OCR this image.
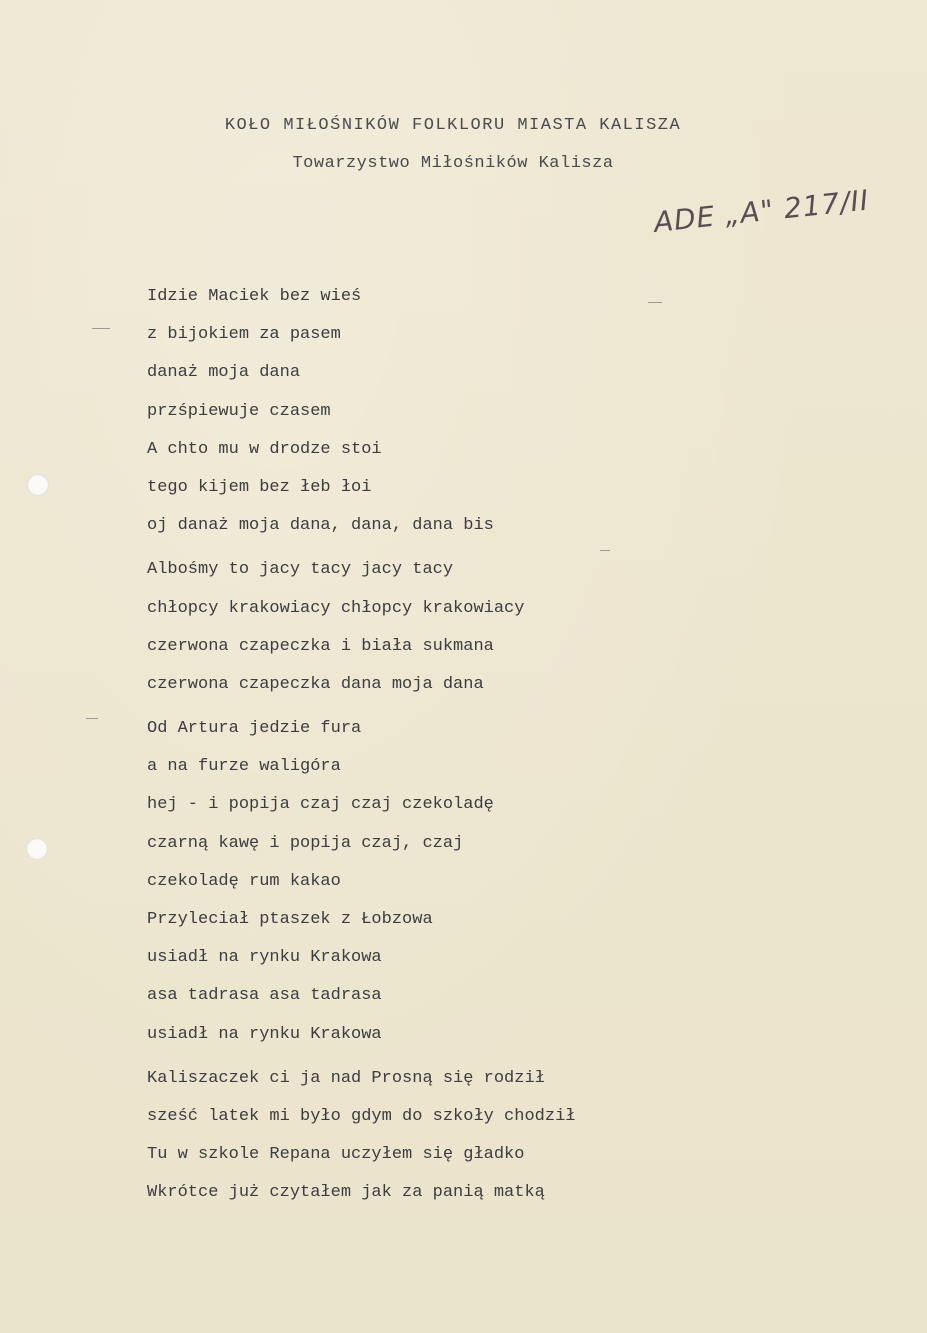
KOŁO MIŁOŚNIKÓW FOLKLORU MIASTA KALISZA
Towarzystwo Miłośników Kalisza
ADE „A" 217/II
Idzie Maciek bez wieś
z bijokiem za pasem
danaż moja dana
przśpiewuje czasem
A chto mu w drodze stoi
tego kijem bez łeb łoi
oj danaż moja dana, dana, dana bis
Albośmy to jacy tacy jacy tacy
chłopcy krakowiacy chłopcy krakowiacy
czerwona czapeczka i biała sukmana
czerwona czapeczka dana moja dana
Od Artura jedzie fura
a na furze waligóra
hej - i popija czaj czaj czekoladę
czarną kawę i popija czaj, czaj
czekoladę rum kakao
Przyleciał ptaszek z Łobzowa
usiadł na rynku Krakowa
asa tadrasa asa tadrasa
usiadł na rynku Krakowa
Kaliszaczek ci ja nad Prosną się rodził
sześć latek mi było gdym do szkoły chodził
Tu w szkole Repana uczyłem się gładko
Wkrótce już czytałem jak za panią matką
